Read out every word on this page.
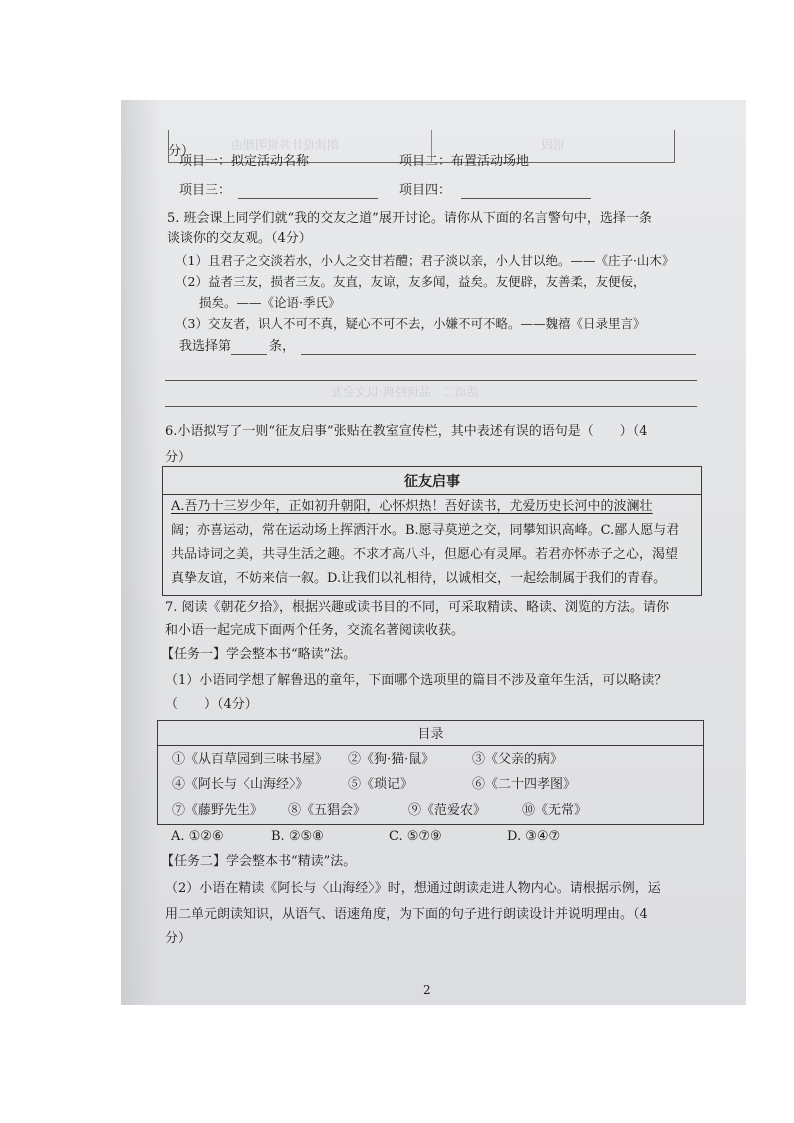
朗读设计并说明理由	语段
活动二　品读经典·以文会友
分）
项目一：拟定活动名称	项目二：布置活动场地
项目三：	项目四：
5. 班会课上同学们就“我的交友之道”展开讨论。请你从下面的名言警句中，选择一条
谈谈你的交友观。（4分）
（1）且君子之交淡若水，小人之交甘若醴；君子淡以亲，小人甘以绝。——《庄子·山木》
（2）益者三友，损者三友。友直，友谅，友多闻，益矣。友便辟，友善柔，友便佞，
损矣。——《论语·季氏》
（3）交友者，识人不可不真，疑心不可不去，小嫌不可不略。——魏禧《日录里言》
我选择第	条，
6.小语拟写了一则“征友启事”张贴在教室宣传栏，其中表述有误的语句是（　　）（4
分）
征友启事
A.吾乃十三岁少年，正如初升朝阳，心怀炽热！吾好读书，尤爱历史长河中的波澜壮
阔；亦喜运动，常在运动场上挥洒汗水。B.愿寻莫逆之交，同攀知识高峰。C.鄙人愿与君
共品诗词之美，共寻生活之趣。不求才高八斗，但愿心有灵犀。若君亦怀赤子之心，渴望
真挚友谊，不妨来信一叙。D.让我们以礼相待，以诚相交，一起绘制属于我们的青春。
7. 阅读《朝花夕拾》，根据兴趣或读书目的不同，可采取精读、略读、浏览的方法。请你
和小语一起完成下面两个任务，交流名著阅读收获。
【任务一】学会整本书“略读”法。
（1）小语同学想了解鲁迅的童年，下面哪个选项里的篇目不涉及童年生活，可以略读？
（　　）（4分）
目录
①《从百草园到三味书屋》 ②《狗·猫·鼠》	③《父亲的病》
④《阿长与〈山海经〉》	⑤《琐记》	⑥《二十四孝图》
⑦《藤野先生》 ⑧《五猖会》	⑨《范爱农》	⑩《无常》
A. ①②⑥	B. ②⑤⑧	C. ⑤⑦⑨	D. ③④⑦
【任务二】学会整本书“精读”法。
（2）小语在精读《阿长与〈山海经〉》时，想通过朗读走进人物内心。请根据示例，运
用二单元朗读知识，从语气、语速角度，为下面的句子进行朗读设计并说明理由。（4
分）
2
